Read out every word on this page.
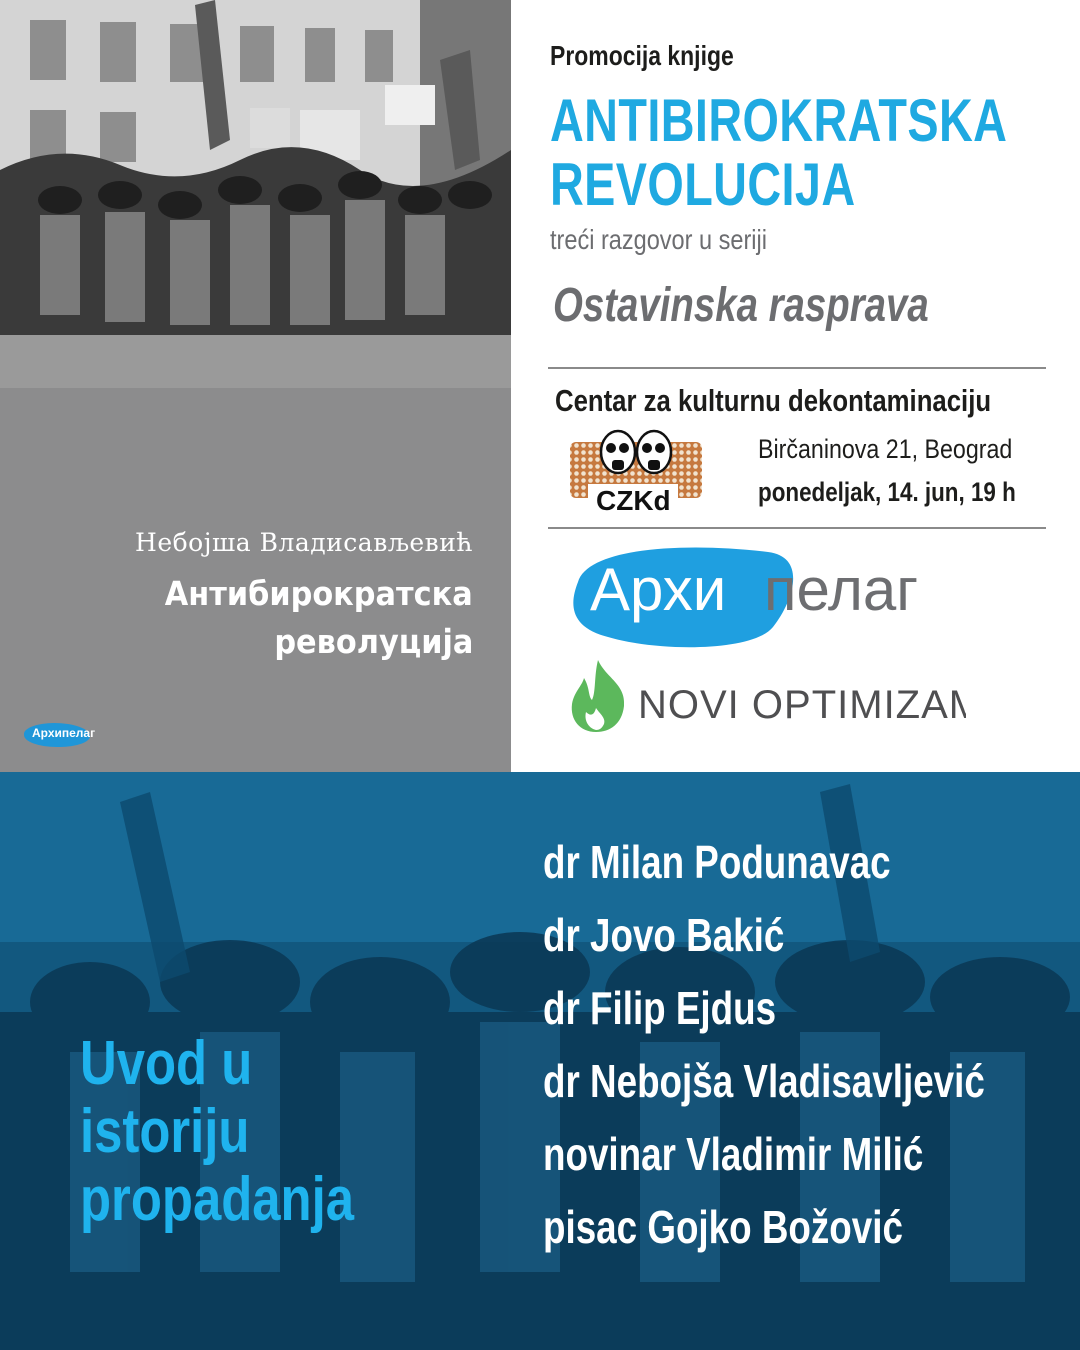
Небојша Владисављевић
Антибирократска
револуција
Архипелаг
Promocija knjige
ANTIBIROKRATSKA
REVOLUCIJA
treći razgovor u seriji
Ostavinska rasprava
Centar za kulturnu dekontaminaciju
CZKd
Birčaninova 21, Beograd
ponedeljak, 14. jun, 19 h
Архи пелаг
NOVI OPTIMIZAM
Uvod u
istoriju
propadanja
dr Milan Podunavac
dr Jovo Bakić
dr Filip Ejdus
dr Nebojša Vladisavljević
novinar Vladimir Milić
pisac Gojko Božović
